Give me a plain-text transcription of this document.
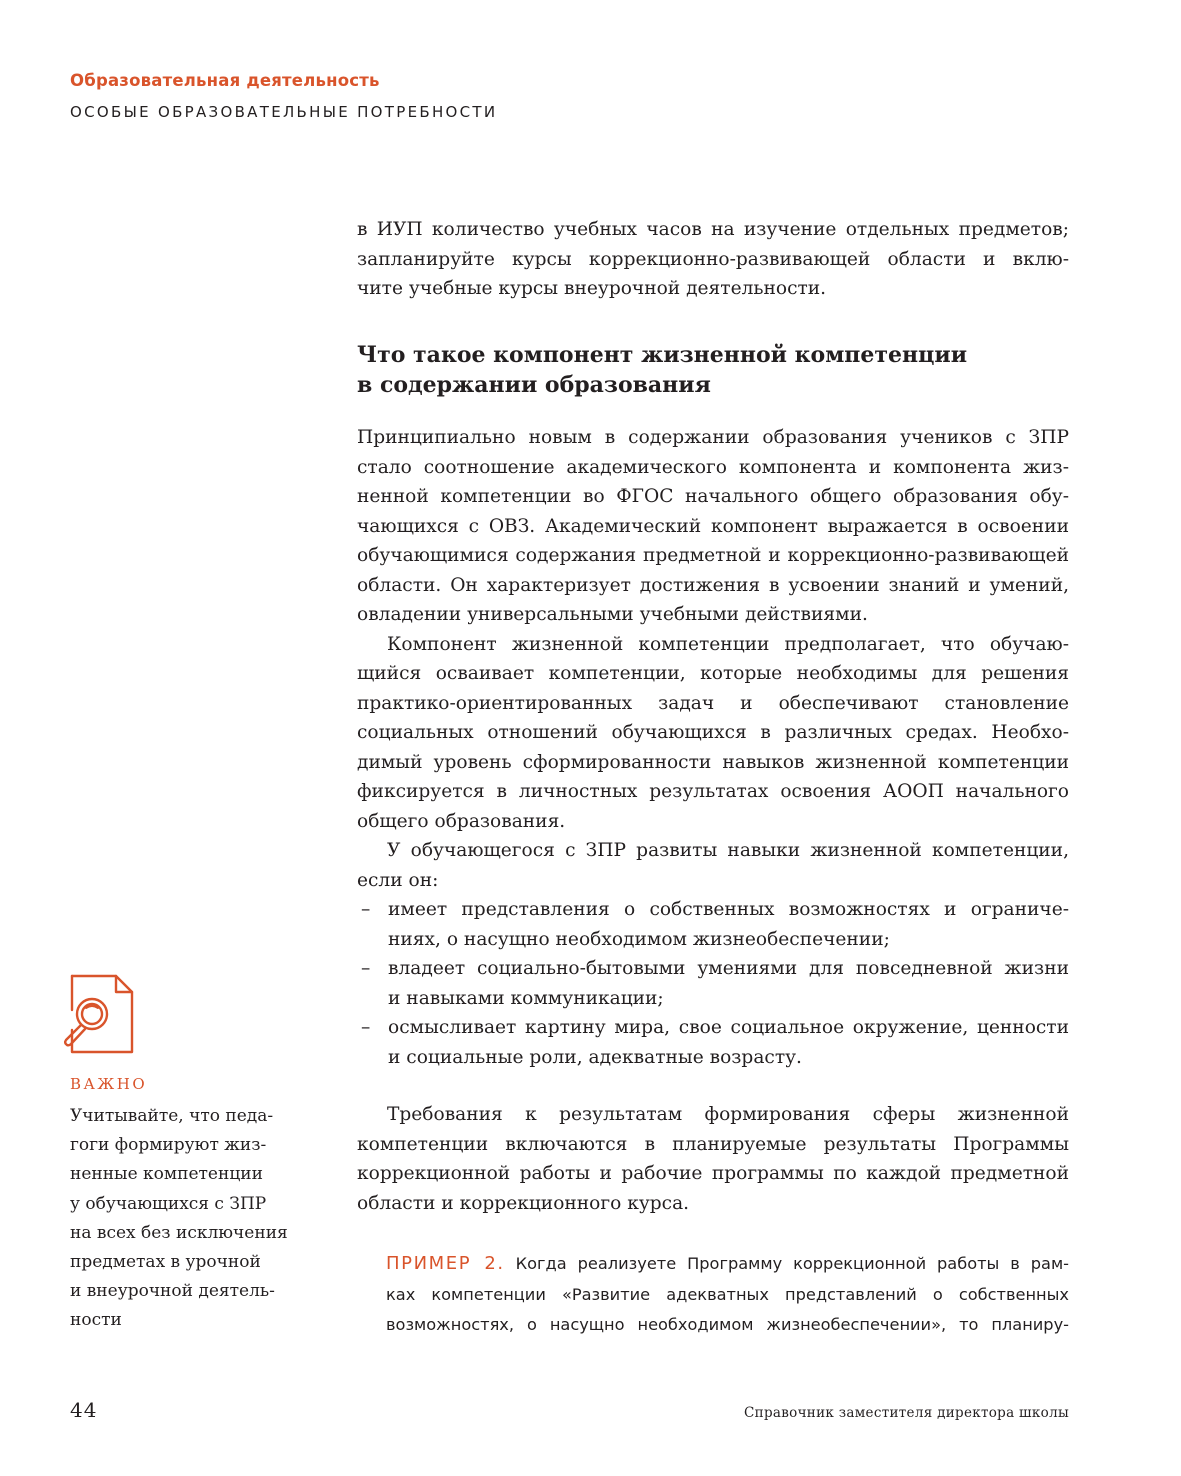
Образовательная деятельность
ОСОБЫЕ ОБРАЗОВАТЕЛЬНЫЕ ПОТРЕБНОСТИ
в ИУП количество учебных часов на изучение отдельных предметов;
запланируйте курсы коррекционно-развивающей области и вклю-
чите учебные курсы внеурочной деятельности.
Что такое компонент жизненной компетенции
в содержании образования
Принципиально новым в содержании образования учеников с ЗПР
стало соотношение академического компонента и компонента жиз-
ненной компетенции во ФГОС начального общего образования обу-
чающихся с ОВЗ. Академический компонент выражается в освоении
обучающимися содержания предметной и коррекционно-развивающей
области. Он характеризует достижения в усвоении знаний и умений,
овладении универсальными учебными действиями.
Компонент жизненной компетенции предполагает, что обучаю-
щийся осваивает компетенции, которые необходимы для решения
практико-ориентированных задач и обеспечивают становление
социальных отношений обучающихся в различных средах. Необхо-
димый уровень сформированности навыков жизненной компетенции
фиксируется в личностных результатах освоения АООП начального
общего образования.
У обучающегося с ЗПР развиты навыки жизненной компетенции,
если он:
– имеет представления о собственных возможностях и ограниче-
ниях, о насущно необходимом жизнеобеспечении;
– владеет социально-бытовыми умениями для повседневной жизни
и навыками коммуникации;
– осмысливает картину мира, свое социальное окружение, ценности
и социальные роли, адекватные возрасту.
Требования к результатам формирования сферы жизненной
компетенции включаются в планируемые результаты Программы
коррекционной работы и рабочие программы по каждой предметной
области и коррекционного курса.
ПРИМЕР 2. Когда реализуете Программу коррекционной работы в рам-
ках компетенции «Развитие адекватных представлений о собственных
возможностях, о насущно необходимом жизнеобеспечении», то планиру-
ВАЖНО
Учитывайте, что педа-
гоги формируют жиз-
ненные компетенции
у обучающихся с ЗПР
на всех без исключения
предметах в урочной
и внеурочной деятель-
ности
44	Справочник заместителя директора школы
